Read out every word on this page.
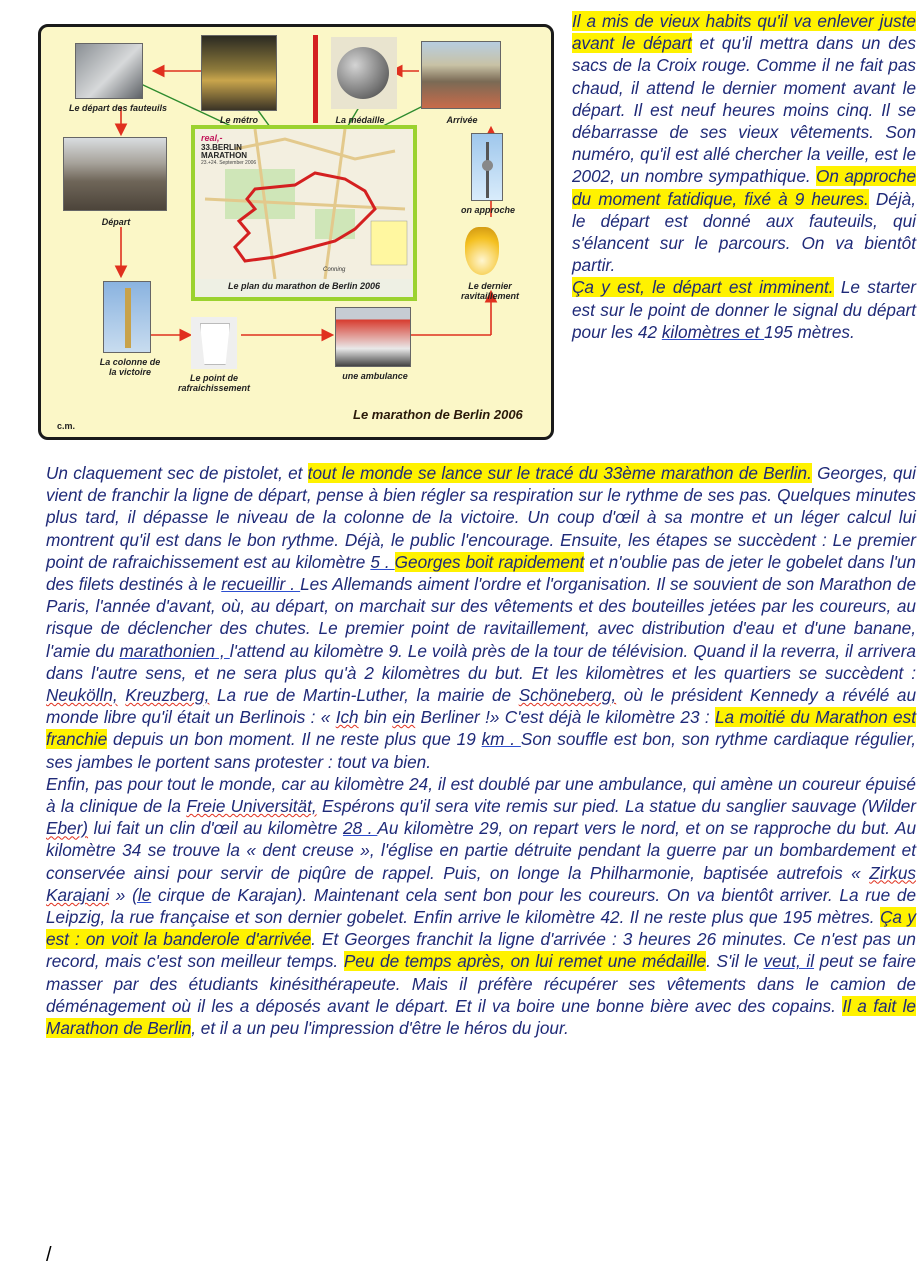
Le départ des fauteuils
Le métro	La médaille	Arrivée
Départ
on approche
Le dernier ravitaillement
La colonne de la victoire
Le point de rafraichissement
une ambulance
real,-
33.BERLIN
MARATHON
23.+24. September 2006
Conning
Le plan du marathon de Berlin 2006
Le marathon de Berlin 2006
c.m.

Il a mis de vieux habits qu'il va enlever juste avant le départ et qu'il mettra dans un des sacs de la Croix rouge. Comme il ne fait pas chaud, il attend le dernier moment avant le départ. Il est neuf heures moins cinq. Il se débarrasse de ses vieux vêtements. Son numéro, qu'il est allé chercher la veille, est le 2002, un nombre sympathique. On approche du moment fatidique, fixé à 9 heures. Déjà, le départ est donné aux fauteuils, qui s'élancent sur le parcours. On va bientôt partir.

Ça y est, le départ est imminent. Le starter est sur le point de donner le signal du départ pour les 42 kilomètres et 195 mètres.

Un claquement sec de pistolet, et tout le monde se lance sur le tracé du 33ème marathon de Berlin. Georges, qui vient de franchir la ligne de départ, pense à bien régler sa respiration sur le rythme de ses pas. Quelques minutes plus tard, il dépasse le niveau de la colonne de la victoire. Un coup d'œil à sa montre et un léger calcul lui montrent qu'il est dans le bon rythme. Déjà, le public l'encourage. Ensuite, les étapes se succèdent : Le premier point de rafraichissement est au kilomètre 5 . Georges boit rapidement et n'oublie pas de jeter le gobelet dans l'un des filets destinés à le recueillir . Les Allemands aiment l'ordre et l'organisation. Il se souvient de son Marathon de Paris, l'année d'avant, où, au départ, on marchait sur des vêtements et des bouteilles jetées par les coureurs, au risque de déclencher des chutes. Le premier point de ravitaillement, avec distribution d'eau et d'une banane, l'amie du marathonien , l'attend au kilomètre 9. Le voilà près de la tour de télévision. Quand il la reverra, il arrivera dans l'autre sens, et ne sera plus qu'à 2 kilomètres du but. Et les kilomètres et les quartiers se succèdent : Neukölln, Kreuzberg, La rue de Martin-Luther, la mairie de Schöneberg, où le président Kennedy a révélé au monde libre qu'il était un Berlinois : « Ich bin ein Berliner !» C'est déjà le kilomètre 23 : La moitié du Marathon est franchie depuis un bon moment. Il ne reste plus que 19 km . Son souffle est bon, son rythme cardiaque régulier, ses jambes le portent sans protester : tout va bien.

Enfin, pas pour tout le monde, car au kilomètre 24, il est doublé par une ambulance, qui amène un coureur épuisé à la clinique de la Freie Universität, Espérons qu'il sera vite remis sur pied. La statue du sanglier sauvage (Wilder Eber) lui fait un clin d'œil au kilomètre 28 . Au kilomètre 29, on repart vers le nord, et on se rapproche du but. Au kilomètre 34 se trouve la « dent creuse », l'église en partie détruite pendant la guerre par un bombardement et conservée ainsi pour servir de piqûre de rappel. Puis, on longe la Philharmonie, baptisée autrefois « Zirkus Karajani » (le cirque de Karajan). Maintenant cela sent bon pour les coureurs. On va bientôt arriver. La rue de Leipzig, la rue française et son dernier gobelet. Enfin arrive le kilomètre 42. Il ne reste plus que 195 mètres. Ça y est : on voit la banderole d'arrivée. Et Georges franchit la ligne d'arrivée : 3 heures 26 minutes. Ce n'est pas un record, mais c'est son meilleur temps. Peu de temps après, on lui remet une médaille. S'il le veut, il peut se faire masser par des étudiants kinésithérapeute. Mais il préfère récupérer ses vêtements dans le camion de déménagement où il les a déposés avant le départ. Et il va boire une bonne bière avec des copains. Il a fait le Marathon de Berlin, et il a un peu l'impression d'être le héros du jour.

/
